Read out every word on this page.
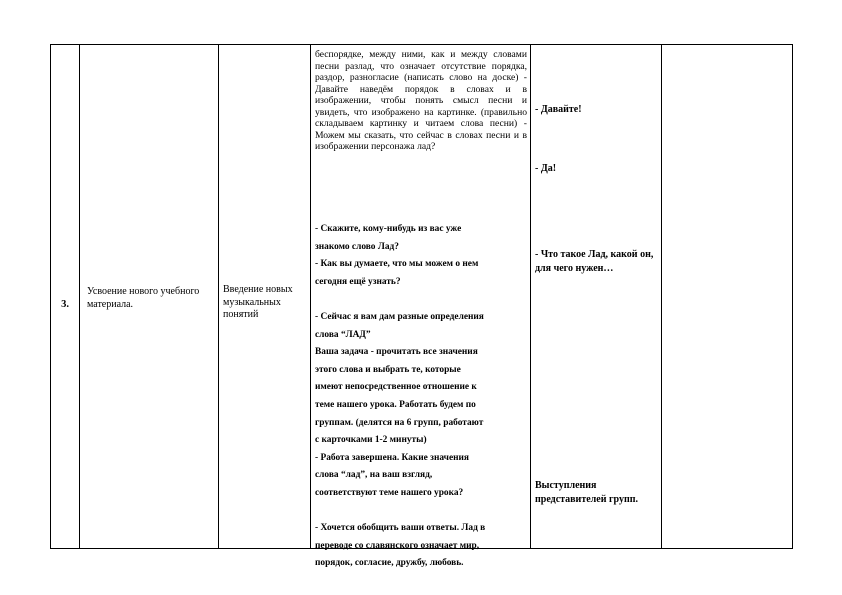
3.
Усвоение нового учебного материала.
Введение новых музыкальных понятий
беспорядке, между ними, как и между словами песни разлад, что означает отсутствие порядка, раздор, разногласие (написать слово на доске) - Давайте наведём порядок в словах и в изображении, чтобы понять смысл песни и увидеть, что изображено на картинке. (правильно складываем картинку и читаем слова песни) - Можем мы сказать, что сейчас в словах песни и в изображении персонажа лад?
- Скажите, кому-нибудь из вас уже
знакомо слово Лад?
- Как вы думаете, что мы можем о нем
сегодня ещё узнать?
- Сейчас я вам дам разные определения
слова “ЛАД”
Ваша задача - прочитать все значения
этого слова и выбрать те, которые
имеют непосредственное отношение к
теме нашего урока. Работать будем по
группам. (делятся на 6 групп, работают
с карточками 1-2 минуты)
- Работа завершена. Какие значения
слова “лад”, на ваш взгляд,
соответствуют теме нашего урока?
- Хочется обобщить ваши ответы. Лад в
переводе со славянского означает мир,
порядок, согласие, дружбу, любовь.
- Давайте!
- Да!
- Что такое Лад, какой он, для чего нужен…
Выступления представителей групп.
